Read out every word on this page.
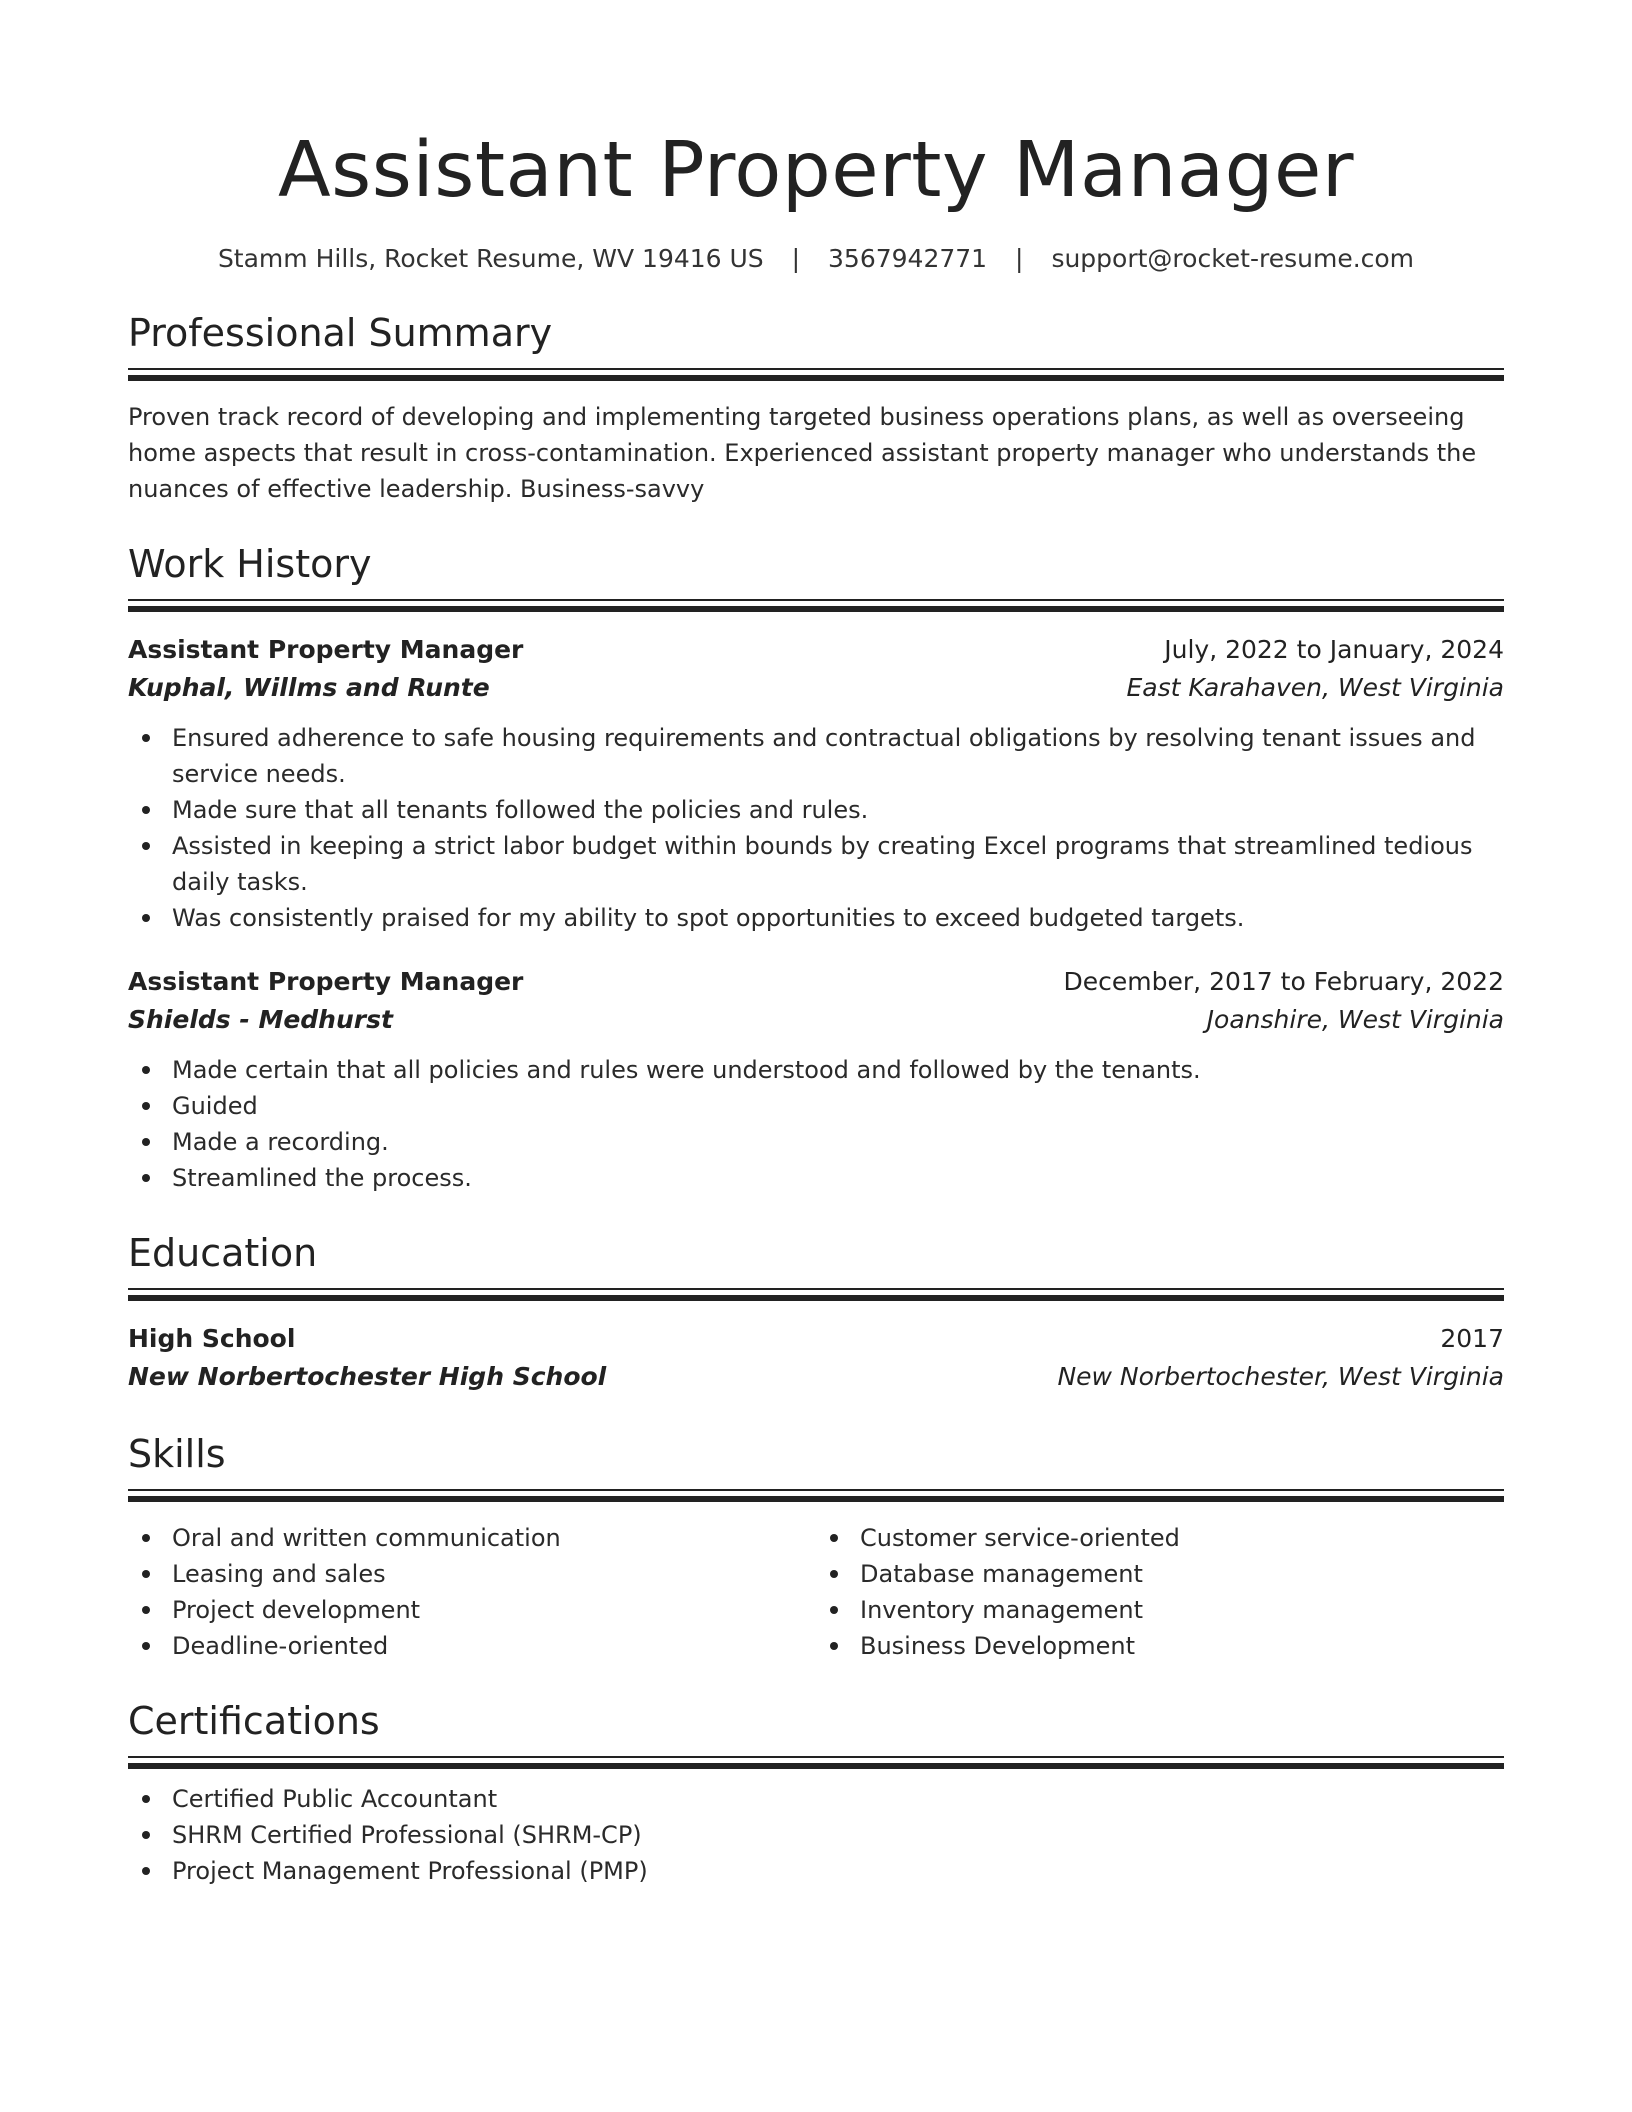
Assistant Property Manager
Stamm Hills, Rocket Resume, WV 19416 US | 3567942771 | support@rocket-resume.com
Professional Summary

Proven track record of developing and implementing targeted business operations plans, as well as overseeing home aspects that result in cross-contamination. Experienced assistant property manager who understands the nuances of effective leadership. Business-savvy

Work History
Assistant Property Manager	July, 2022 to January, 2024
Kuphal, Willms and Runte	East Karahaven, West Virginia
Ensured adherence to safe housing requirements and contractual obligations by resolving tenant issues and service needs.
Made sure that all tenants followed the policies and rules.
Assisted in keeping a strict labor budget within bounds by creating Excel programs that streamlined tedious daily tasks.
Was consistently praised for my ability to spot opportunities to exceed budgeted targets.
Assistant Property Manager	December, 2017 to February, 2022
Shields - Medhurst	Joanshire, West Virginia
Made certain that all policies and rules were understood and followed by the tenants.
Guided
Made a recording.
Streamlined the process.
Education
High School	2017
New Norbertochester High School	New Norbertochester, West Virginia
Skills
Oral and written communication
Leasing and sales
Project development
Deadline-oriented
Customer service-oriented
Database management
Inventory management
Business Development
Certifications
Certified Public Accountant
SHRM Certified Professional (SHRM-CP)
Project Management Professional (PMP)
